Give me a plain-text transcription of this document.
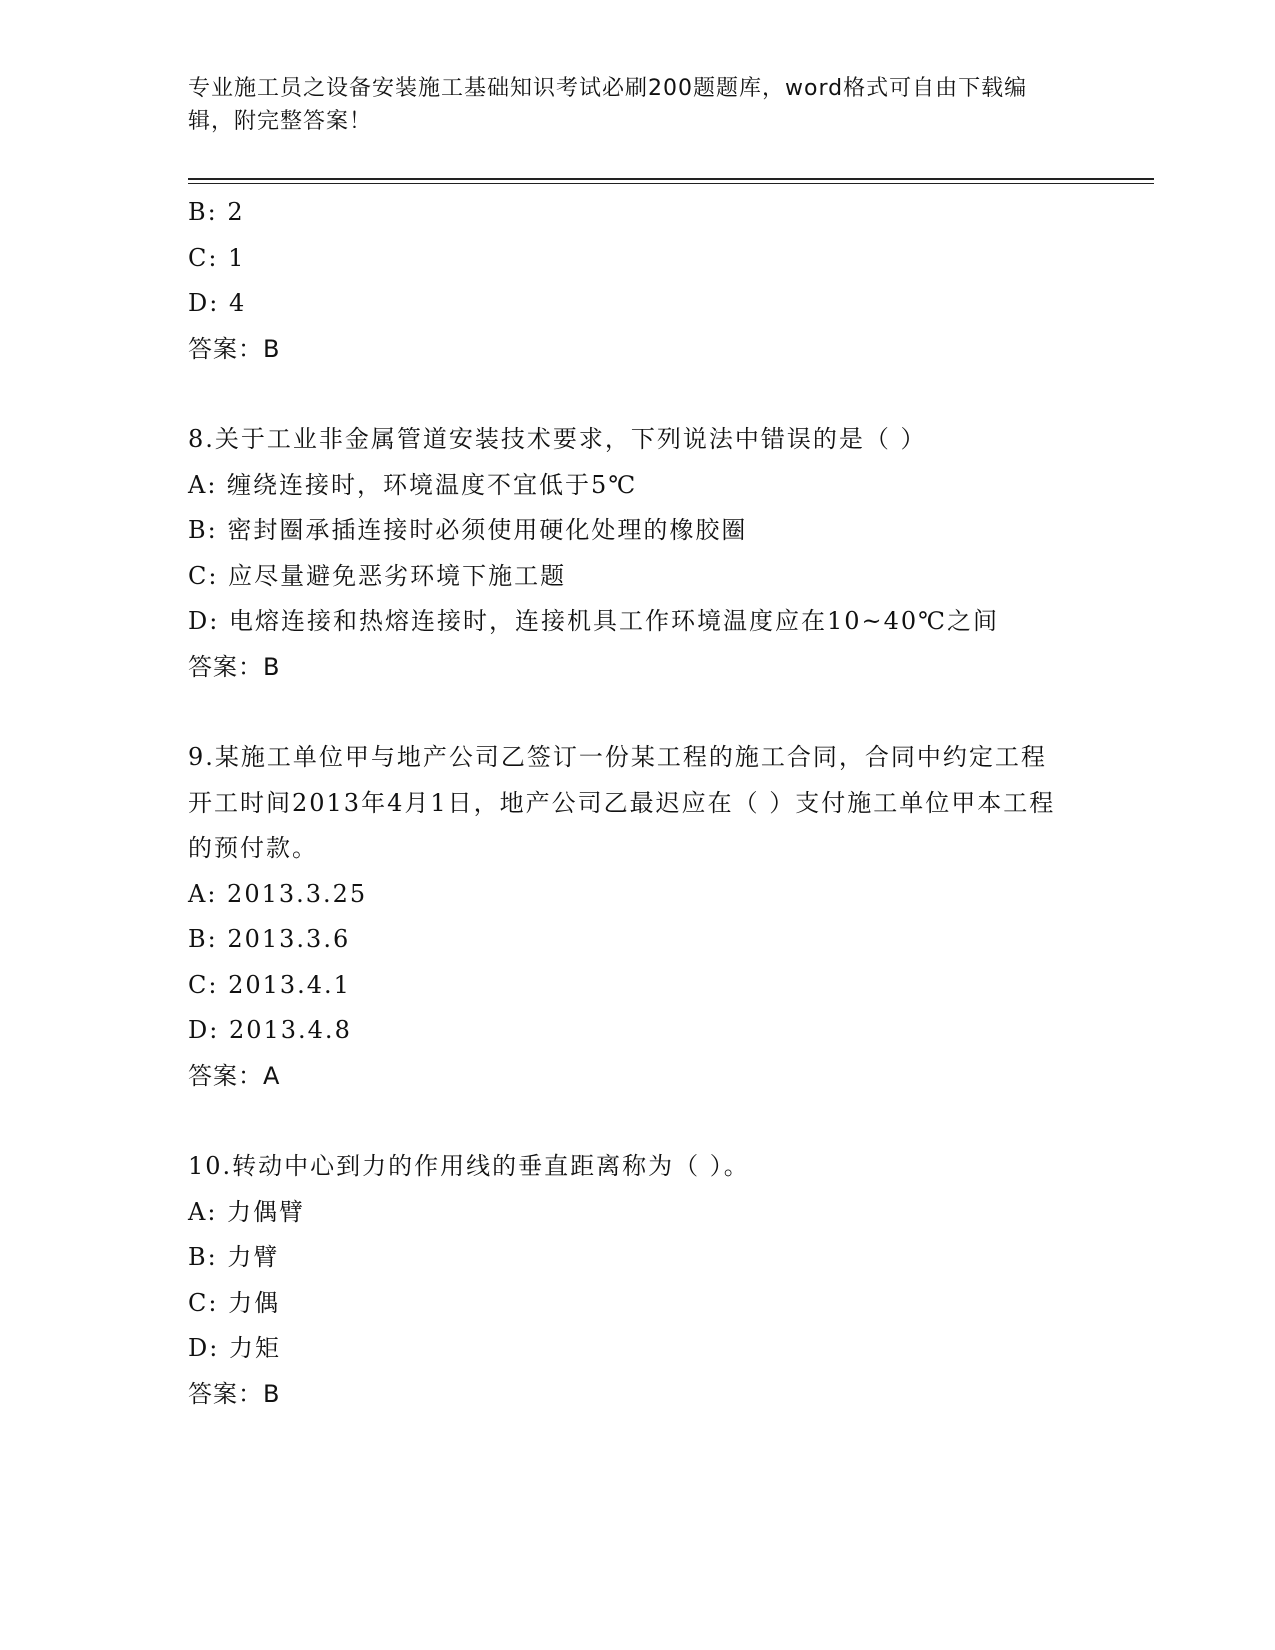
专业施工员之设备安装施工基础知识考试必刷200题题库，word格式可自由下载编辑，附完整答案！
B: 2
C: 1
D: 4
答案：B
8.关于工业非金属管道安装技术要求，下列说法中错误的是（ ）
A: 缠绕连接时，环境温度不宜低于5℃
B: 密封圈承插连接时必须使用硬化处理的橡胶圈
C: 应尽量避免恶劣环境下施工题
D: 电熔连接和热熔连接时，连接机具工作环境温度应在10~40℃之间
答案：B
9.某施工单位甲与地产公司乙签订一份某工程的施工合同，合同中约定工程开工时间2013年4月1日，地产公司乙最迟应在（ ）支付施工单位甲本工程的预付款。
A: 2013.3.25
B: 2013.3.6
C: 2013.4.1
D: 2013.4.8
答案：A
10.转动中心到力的作用线的垂直距离称为（ ）。
A: 力偶臂
B: 力臂
C: 力偶
D: 力矩
答案：B
